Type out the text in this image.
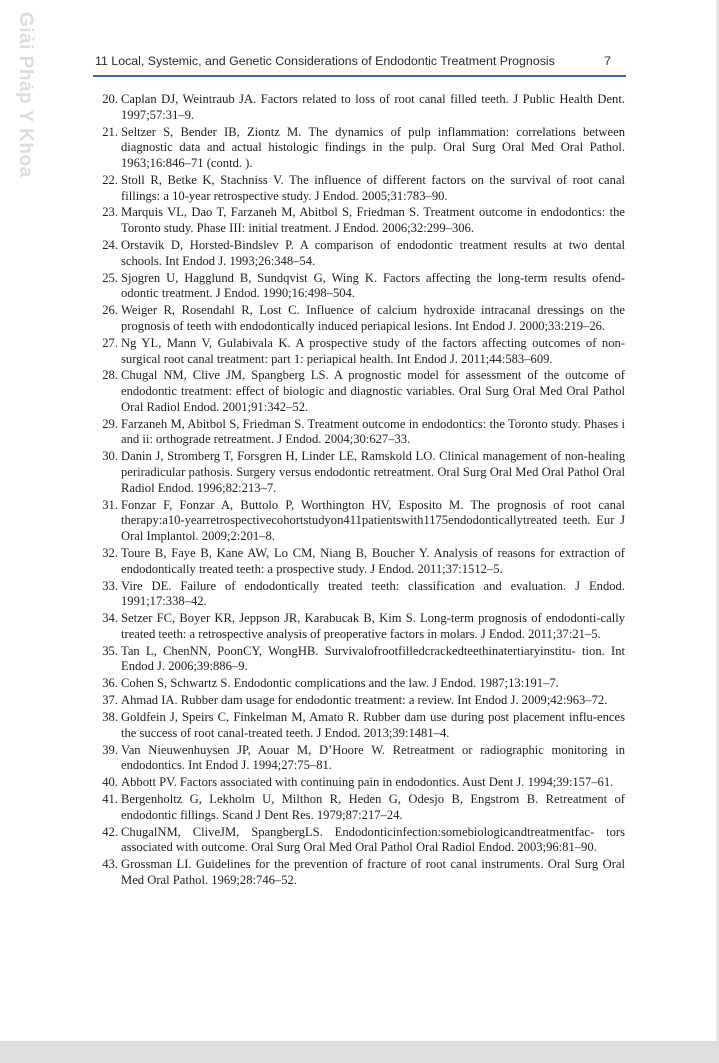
Giải Pháp Y Khoa	11 Local, Systemic, and Genetic Considerations of Endodontic Treatment Prognosis	7
20. Caplan DJ, Weintraub JA. Factors related to loss of root canal filled teeth. J Public Health Dent. 1997;57:31–9.
21. Seltzer S, Bender IB, Ziontz M. The dynamics of pulp inflammation: correlations between diagnostic data and actual histologic findings in the pulp. Oral Surg Oral Med Oral Pathol. 1963;16:846–71 (contd. ).
22. Stoll R, Betke K, Stachniss V. The influence of different factors on the survival of root canal fillings: a 10-year retrospective study. J Endod. 2005;31:783–90.
23. Marquis VL, Dao T, Farzaneh M, Abitbol S, Friedman S. Treatment outcome in endodontics: the Toronto study. Phase III: initial treatment. J Endod. 2006;32:299–306.
24. Orstavik D, Horsted-Bindslev P. A comparison of endodontic treatment results at two dental schools. Int Endod J. 1993;26:348–54.
25. Sjogren U, Hagglund B, Sundqvist G, Wing K. Factors affecting the long-term results ofend-odontic treatment. J Endod. 1990;16:498–504.
26. Weiger R, Rosendahl R, Lost C. Influence of calcium hydroxide intracanal dressings on the prognosis of teeth with endodontically induced periapical lesions. Int Endod J. 2000;33:219–26.
27. Ng YL, Mann V, Gulabivala K. A prospective study of the factors affecting outcomes of non-surgical root canal treatment: part 1: periapical health. Int Endod J. 2011;44:583–609.
28. Chugal NM, Clive JM, Spangberg LS. A prognostic model for assessment of the outcome of endodontic treatment: effect of biologic and diagnostic variables. Oral Surg Oral Med Oral Pathol Oral Radiol Endod. 2001;91:342–52.
29. Farzaneh M, Abitbol S, Friedman S. Treatment outcome in endodontics: the Toronto study. Phases i and ii: orthograde retreatment. J Endod. 2004;30:627–33.
30. Danin J, Stromberg T, Forsgren H, Linder LE, Ramskold LO. Clinical management of non-healing periradicular pathosis. Surgery versus endodontic retreatment. Oral Surg Oral Med Oral Pathol Oral Radiol Endod. 1996;82:213–7.
31. Fonzar F, Fonzar A, Buttolo P, Worthington HV, Esposito M. The prognosis of root canal therapy:a10-yearretrospectivecohortstudyon411patientswith1175endodonticallytreated teeth. Eur J Oral Implantol. 2009;2:201–8.
32. Toure B, Faye B, Kane AW, Lo CM, Niang B, Boucher Y. Analysis of reasons for extraction of endodontically treated teeth: a prospective study. J Endod. 2011;37:1512–5.
33. Vire DE. Failure of endodontically treated teeth: classification and evaluation. J Endod. 1991;17:338–42.
34. Setzer FC, Boyer KR, Jeppson JR, Karabucak B, Kim S. Long-term prognosis of endodonti-cally treated teeth: a retrospective analysis of preoperative factors in molars. J Endod. 2011;37:21–5.
35. Tan L, ChenNN, PoonCY, WongHB. Survivalofrootfilledcrackedteethinatertiaryinstitu- tion. Int Endod J. 2006;39:886–9.
36. Cohen S, Schwartz S. Endodontic complications and the law. J Endod. 1987;13:191–7.
37. Ahmad IA. Rubber dam usage for endodontic treatment: a review. Int Endod J. 2009;42:963–72.
38. Goldfein J, Speirs C, Finkelman M, Amato R. Rubber dam use during post placement influ-ences the success of root canal-treated teeth. J Endod. 2013;39:1481–4.
39. Van Nieuwenhuysen JP, Aouar M, D’Hoore W. Retreatment or radiographic monitoring in endodontics. Int Endod J. 1994;27:75–81.
40. Abbott PV. Factors associated with continuing pain in endodontics. Aust Dent J. 1994;39:157–61.
41. Bergenholtz G, Lekholm U, Milthon R, Heden G, Odesjo B, Engstrom B. Retreatment of endodontic fillings. Scand J Dent Res. 1979;87:217–24.
42. ChugalNM, CliveJM, SpangbergLS. Endodonticinfection:somebiologicandtreatmentfac- tors associated with outcome. Oral Surg Oral Med Oral Pathol Oral Radiol Endod. 2003;96:81–90.
43. Grossman LI. Guidelines for the prevention of fracture of root canal instruments. Oral Surg Oral Med Oral Pathol. 1969;28:746–52.
